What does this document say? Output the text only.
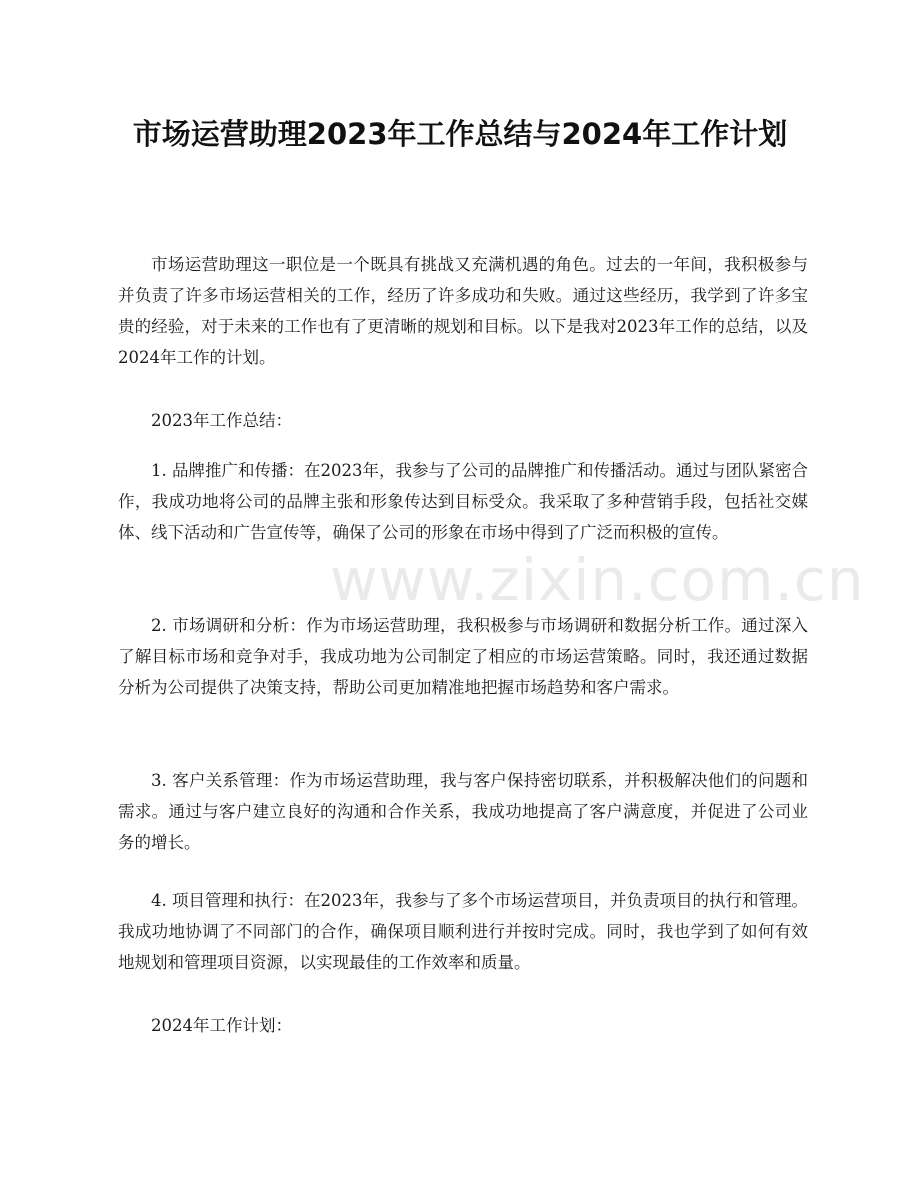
市场运营助理2023年工作总结与2024年工作计划

市场运营助理这一职位是一个既具有挑战又充满机遇的角色。过去的一年间，我积极参与并负责了许多市场运营相关的工作，经历了许多成功和失败。通过这些经历，我学到了许多宝贵的经验，对于未来的工作也有了更清晰的规划和目标。以下是我对2023年工作的总结，以及2024年工作的计划。

2023年工作总结：

1. 品牌推广和传播：在2023年，我参与了公司的品牌推广和传播活动。通过与团队紧密合作，我成功地将公司的品牌主张和形象传达到目标受众。我采取了多种营销手段，包括社交媒体、线下活动和广告宣传等，确保了公司的形象在市场中得到了广泛而积极的宣传。

2. 市场调研和分析：作为市场运营助理，我积极参与市场调研和数据分析工作。通过深入了解目标市场和竞争对手，我成功地为公司制定了相应的市场运营策略。同时，我还通过数据分析为公司提供了决策支持，帮助公司更加精准地把握市场趋势和客户需求。

3. 客户关系管理：作为市场运营助理，我与客户保持密切联系，并积极解决他们的问题和需求。通过与客户建立良好的沟通和合作关系，我成功地提高了客户满意度，并促进了公司业务的增长。

4. 项目管理和执行：在2023年，我参与了多个市场运营项目，并负责项目的执行和管理。我成功地协调了不同部门的合作，确保项目顺利进行并按时完成。同时，我也学到了如何有效地规划和管理项目资源，以实现最佳的工作效率和质量。

2024年工作计划：

www.zixin.com.cn
